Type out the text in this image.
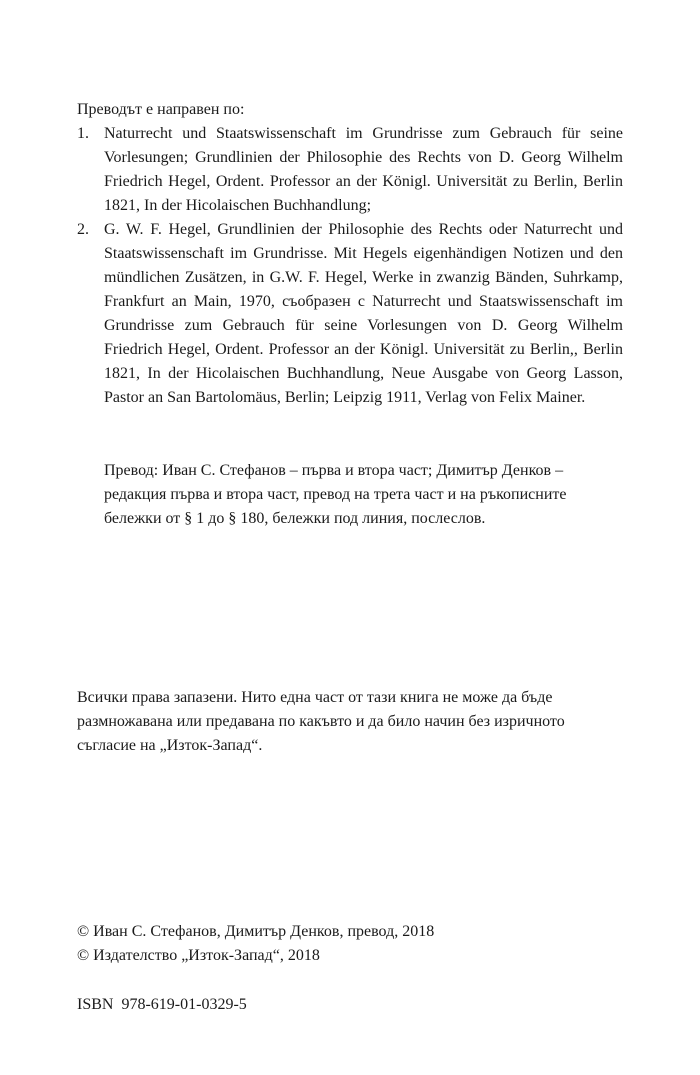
Преводът е направен по:

1. Naturrecht und Staatswissenschaft im Grundrisse zum Gebrauch für seine Vorlesungen; Grundlinien der Philosophie des Rechts von D. Georg Wilhelm Friedrich Hegel, Ordent. Professor an der Königl. Universität zu Berlin, Berlin 1821, In der Hicolaischen Buchhandlung;
2. G. W. F. Hegel, Grundlinien der Philosophie des Rechts oder Naturrecht und Staatswissenschaft im Grundrisse. Mit Hegels eigenhändigen Notizen und den mündlichen Zusätzen, in G.W. F. Hegel, Werke in zwanzig Bänden, Suhrkamp, Frankfurt an Main, 1970, съобразен с Naturrecht und Staatswissenschaft im Grundrisse zum Gebrauch für seine Vorlesungen von D. Georg Wilhelm Friedrich Hegel, Ordent. Professor an der Königl. Universität zu Berlin,, Berlin 1821, In der Hicolaischen Buchhandlung, Neue Ausgabe von Georg Lasson, Pastor an San Bartolomäus, Berlin; Leipzig 1911, Verlag von Felix Mainer.

Превод: Иван С. Стефанов – първа и втора част; Димитър Денков – редакция първа и втора част, превод на трета част и на ръкописните бележки от § 1 до § 180, бележки под линия, послеслов.

Всички права запазени. Нито една част от тази книга не може да бъде размножавана или предавана по какъвто и да било начин без изричното съгласие на „Изток-Запад“.

© Иван С. Стефанов, Димитър Денков, превод, 2018

© Издателство „Изток-Запад“, 2018

ISBN  978-619-01-0329-5
